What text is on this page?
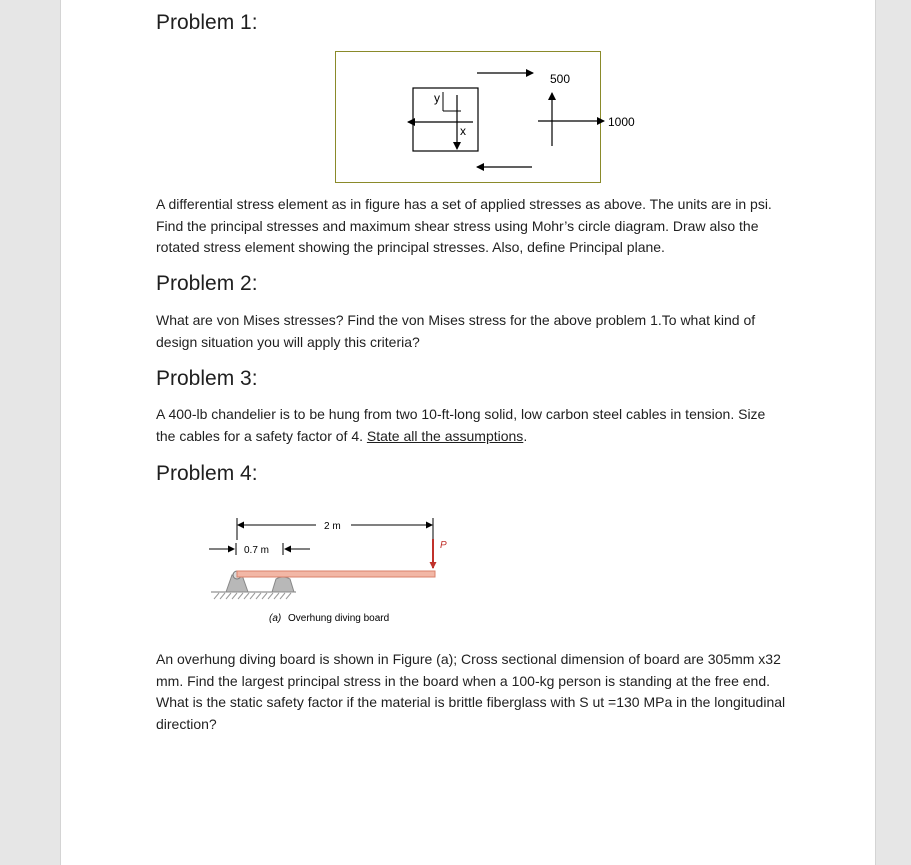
Problem 1:
y
x
500
1000

A differential stress element as in figure has a set of applied stresses as above. The units are in psi. Find the principal stresses and maximum shear stress using Mohr’s circle diagram. Draw also the rotated stress element showing the principal stresses. Also, define Principal plane.

Problem 2:

What are von Mises stresses? Find the von Mises stress for the above problem 1.To what kind of design situation you will apply this criteria?

Problem 3:

A 400-lb chandelier is to be hung from two 10-ft-long solid, low carbon steel cables in tension. Size the cables for a safety factor of 4. State all the assumptions.

Problem 4:
2 m
0.7 m	P
(a) Overhung diving board

An overhung diving board is shown in Figure (a); Cross sectional dimension of board are 305mm x32 mm. Find the largest principal stress in the board when a 100-kg person is standing at the free end. What is the static safety factor if the material is brittle fiberglass with S ut =130 MPa in the longitudinal direction?
